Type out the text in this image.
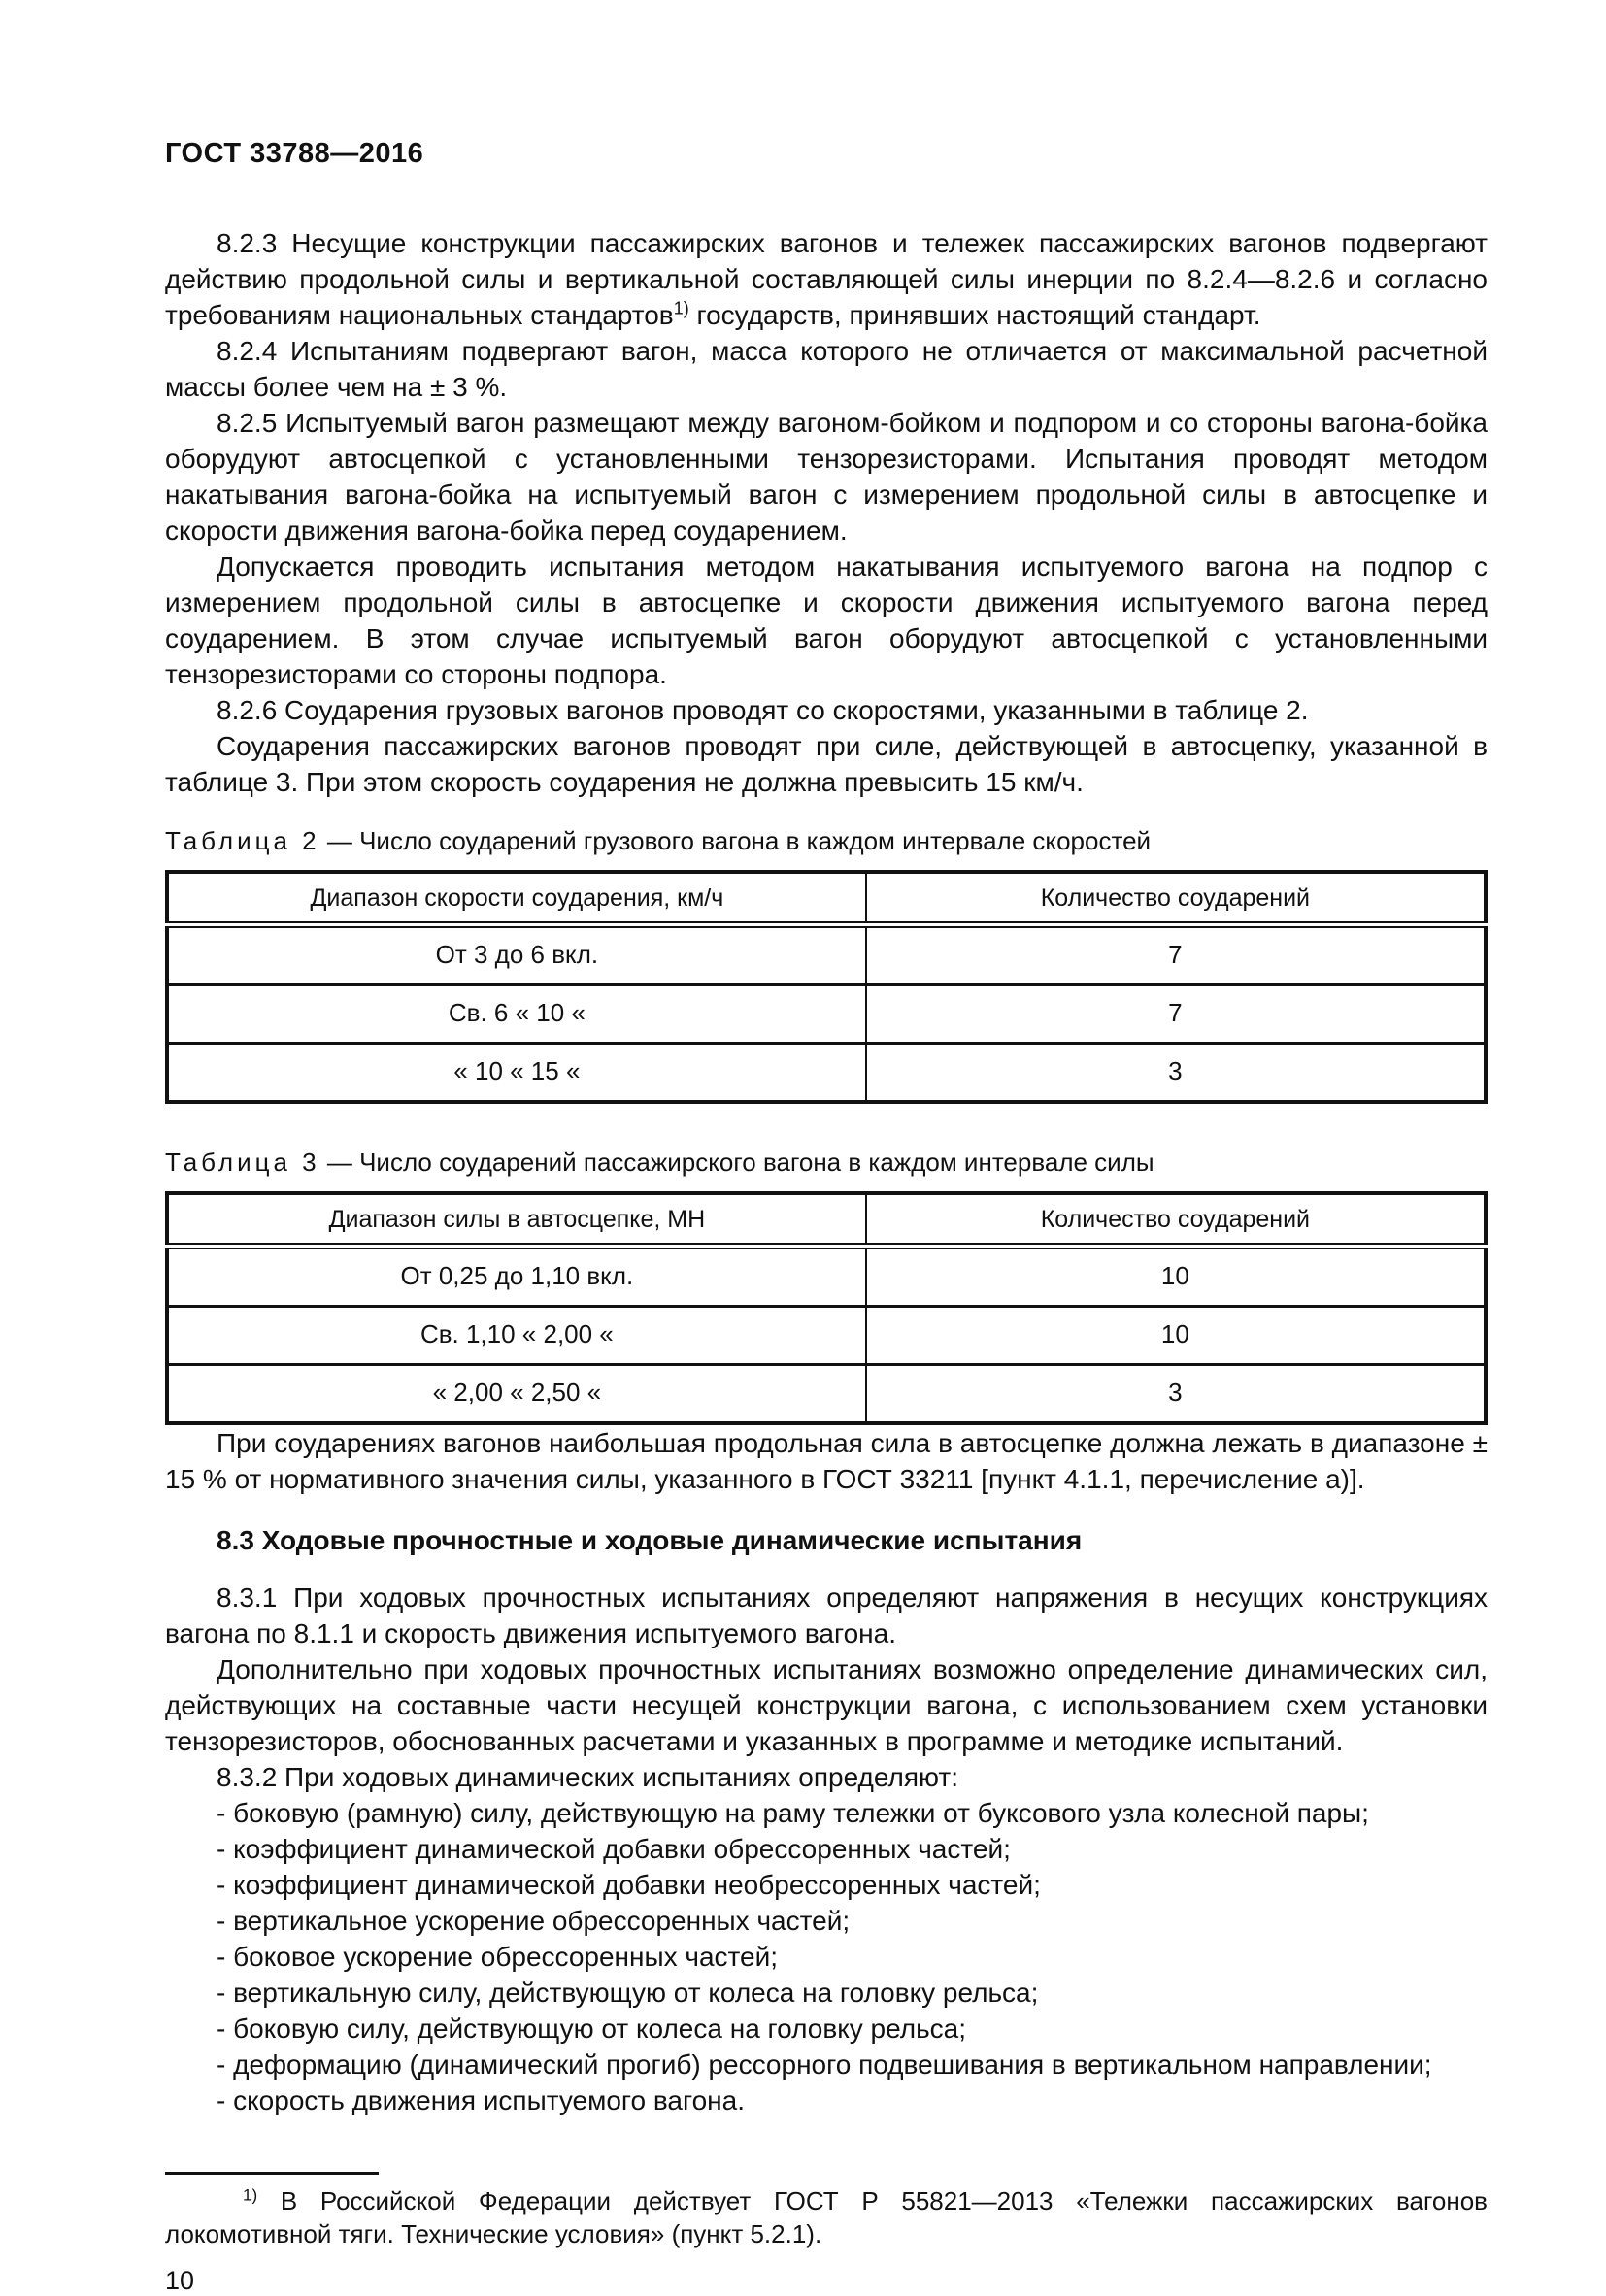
ГОСТ 33788—2016

8.2.3 Несущие конструкции пассажирских вагонов и тележек пассажирских вагонов подвергают действию продольной силы и вертикальной составляющей силы инерции по 8.2.4—8.2.6 и согласно требованиям национальных стандартов$^{1)}$ государств, принявших настоящий стандарт.

8.2.4 Испытаниям подвергают вагон, масса которого не отличается от максимальной расчетной массы более чем на ± 3 %.

8.2.5 Испытуемый вагон размещают между вагоном-бойком и подпором и со стороны вагона-бойка оборудуют автосцепкой с установленными тензорезисторами. Испытания проводят методом накатывания вагона-бойка на испытуемый вагон с измерением продольной силы в автосцепке и скорости движения вагона-бойка перед соударением.

Допускается проводить испытания методом накатывания испытуемого вагона на подпор с измерением продольной силы в автосцепке и скорости движения испытуемого вагона перед соударением. В этом случае испытуемый вагон оборудуют автосцепкой с установленными тензорезисторами со стороны подпора.

8.2.6 Соударения грузовых вагонов проводят со скоростями, указанными в таблице 2.

Соударения пассажирских вагонов проводят при силе, действующей в автосцепку, указанной в таблице 3. При этом скорость соударения не должна превысить 15 км/ч.

Таблица 2 — Число соударений грузового вагона в каждом интервале скоростей
Диапазон скорости соударения, км/ч	Количество соударений
От 3 до 6 вкл.	7
Св. 6 « 10 «	7
« 10 « 15 «	3
Таблица 3 — Число соударений пассажирского вагона в каждом интервале силы
Диапазон силы в автосцепке, МН	Количество соударений
От 0,25 до 1,10 вкл.	10
Св. 1,10 « 2,00 «	10
« 2,00 « 2,50 «	3

При соударениях вагонов наибольшая продольная сила в автосцепке должна лежать в диапазоне ± 15 % от нормативного значения силы, указанного в ГОСТ 33211 [пункт 4.1.1, перечисление а)].

8.3 Ходовые прочностные и ходовые динамические испытания

8.3.1 При ходовых прочностных испытаниях определяют напряжения в несущих конструкциях вагона по 8.1.1 и скорость движения испытуемого вагона.

Дополнительно при ходовых прочностных испытаниях возможно определение динамических сил, действующих на составные части несущей конструкции вагона, с использованием схем установки тензорезисторов, обоснованных расчетами и указанных в программе и методике испытаний.

8.3.2 При ходовых динамических испытаниях определяют:

- боковую (рамную) силу, действующую на раму тележки от буксового узла колесной пары;

- коэффициент динамической добавки обрессоренных частей;

- коэффициент динамической добавки необрессоренных частей;

- вертикальное ускорение обрессоренных частей;

- боковое ускорение обрессоренных частей;

- вертикальную силу, действующую от колеса на головку рельса;

- боковую силу, действующую от колеса на головку рельса;

- деформацию (динамический прогиб) рессорного подвешивания в вертикальном направлении;

- скорость движения испытуемого вагона.

$^{1)}$ В Российской Федерации действует ГОСТ Р 55821—2013 «Тележки пассажирских вагонов локомотивной тяги. Технические условия» (пункт 5.2.1).

10
